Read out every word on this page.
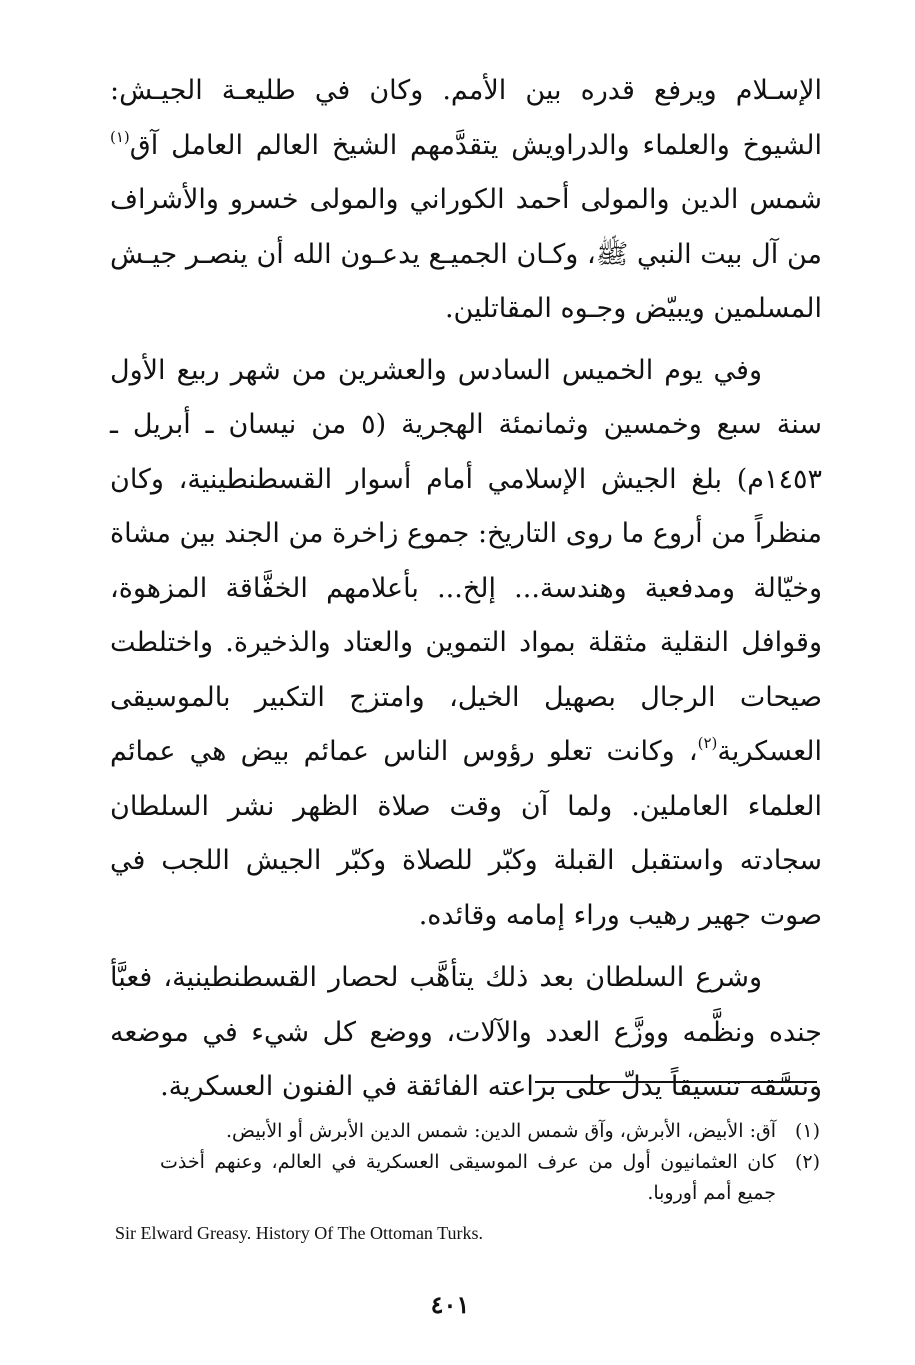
الإسـلام ويرفع قدره بين الأمم. وكان في طليعـة الجيـش: الشيوخ والعلماء والدراويش يتقدَّمهم الشيخ العالم العامل آق$^{(١)}$ شمس الدين والمولى أحمد الكوراني والمولى خسرو والأشراف من آل بيت النبي ﷺ، وكـان الجميـع يدعـون الله أن ينصـر جيـش المسلمين ويبيّض وجـوه المقاتلين.

وفي يوم الخميس السادس والعشرين من شهر ربيع الأول سنة سبع وخمسين وثمانمئة الهجرية (٥ من نيسان ـ أبريل ـ ١٤٥٣م) بلغ الجيش الإسلامي أمام أسوار القسطنطينية، وكان منظراً من أروع ما روى التاريخ: جموع زاخرة من الجند بين مشاة وخيّالة ومدفعية وهندسة... إلخ... بأعلامهم الخفَّاقة المزهوة، وقوافل النقلية مثقلة بمواد التموين والعتاد والذخيرة. واختلطت صيحات الرجال بصهيل الخيل، وامتزج التكبير بالموسيقى العسكرية$^{(٢)}$، وكانت تعلو رؤوس الناس عمائم بيض هي عمائم العلماء العاملين. ولما آن وقت صلاة الظهر نشر السلطان سجادته واستقبل القبلة وكبّر للصلاة وكبّر الجيش اللجب في صوت جهير رهيب وراء إمامه وقائده.

وشرع السلطان بعد ذلك يتأهَّب لحصار القسطنطينية، فعبَّأ جنده ونظَّمه ووزَّع العدد والآلات، ووضع كل شيء في موضعه ونسَّقه تنسيقاً يدلّ على براعته الفائقة في الفنون العسكرية.

(١)
آق: الأبيض، الأبرش، وآق شمس الدين: شمس الدين الأبرش أو الأبيض.
(٢)
كان العثمانيون أول من عرف الموسيقى العسكرية في العالم، وعنهم أخذت جميع أمم أوروبا.
Sir Elward Greasy. History Of The Ottoman Turks.
٤٠١
